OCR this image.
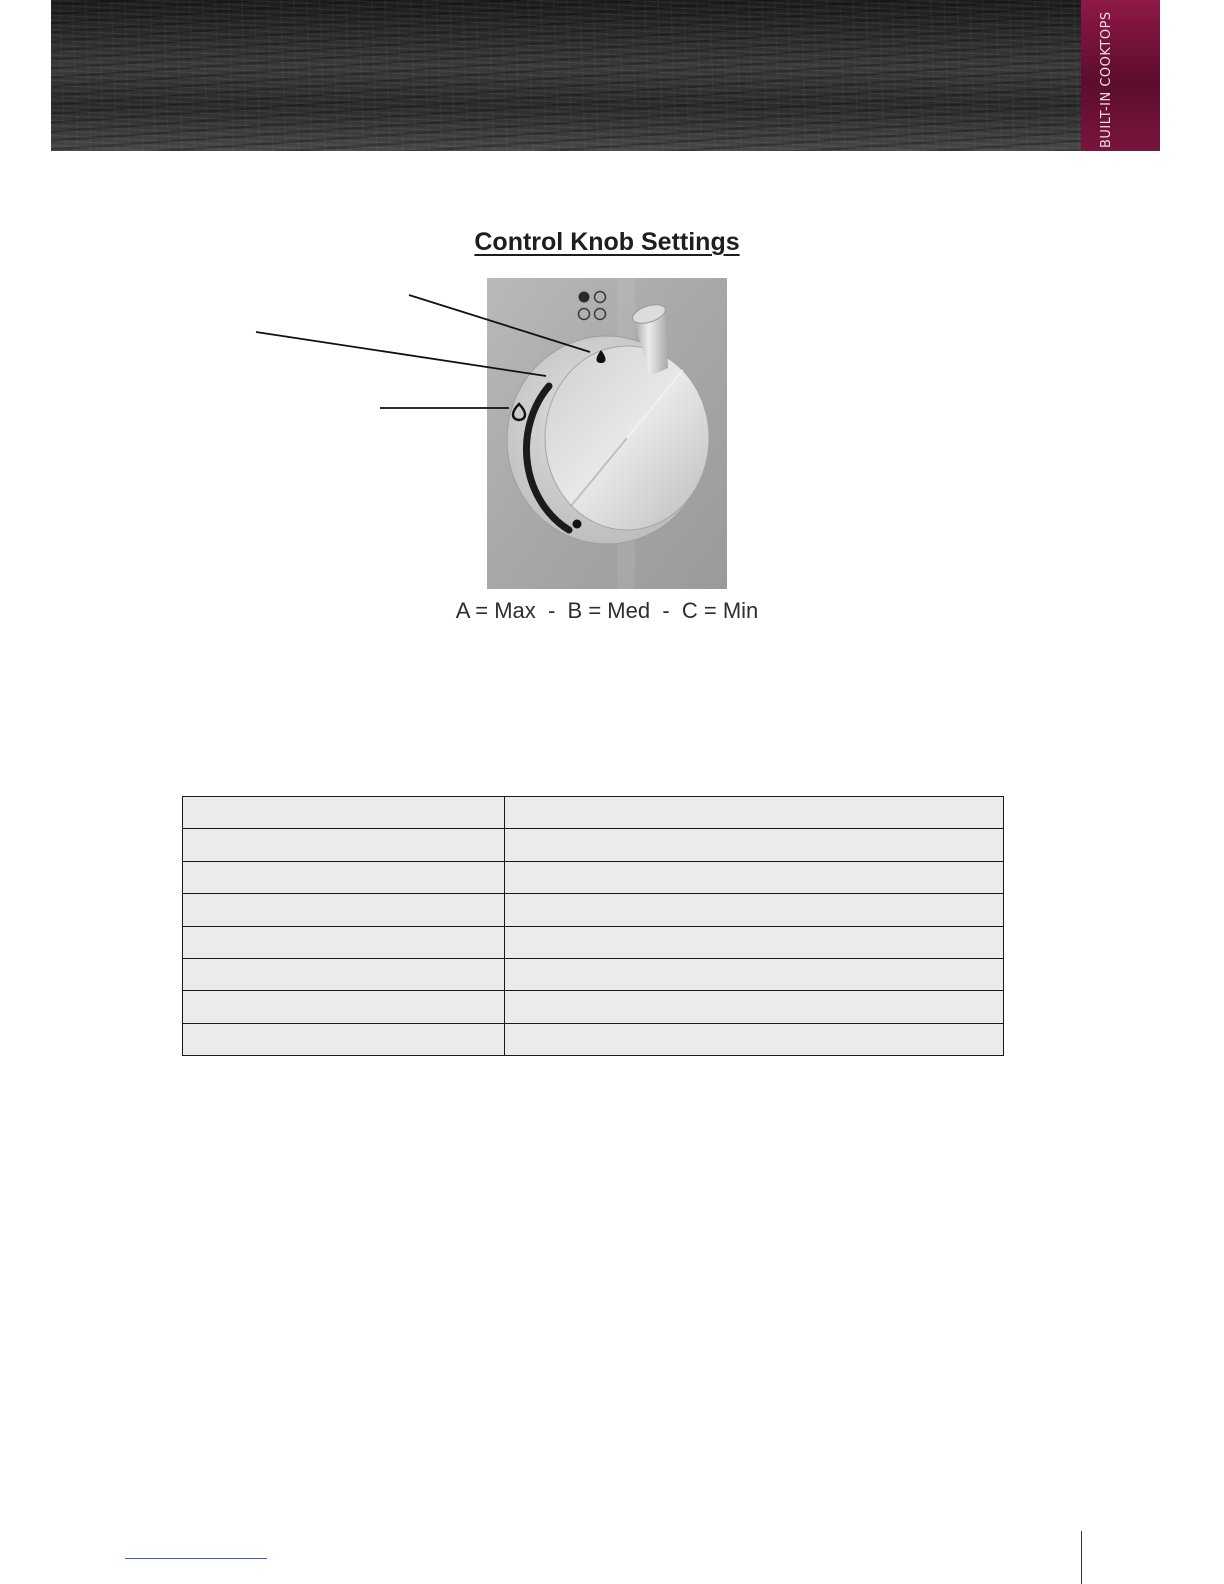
BUILT-IN COOKTOPS
Control Knob Settings
A = Max  -  B = Med  -  C = Min
